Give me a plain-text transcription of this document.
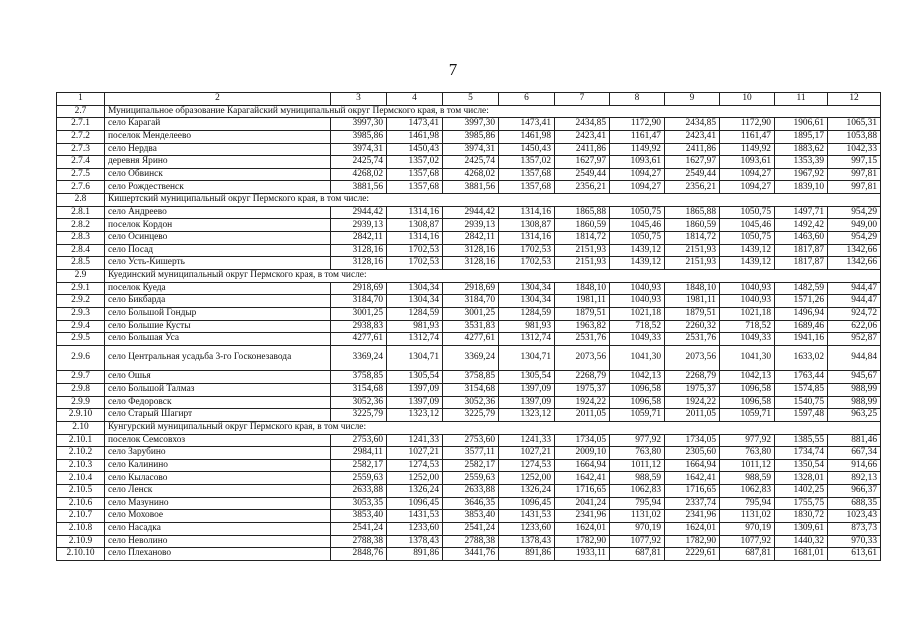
7
1	2	3	4	5	6	7	8	9	10	11	12
2.7	Муниципальное образование Карагайский муниципальный округ Пермского края, в том числе:										
2.7.1	село Карагай	3997,30	1473,41	3997,30	1473,41	2434,85	1172,90	2434,85	1172,90	1906,61	1065,31
2.7.2	поселок Менделеево	3985,86	1461,98	3985,86	1461,98	2423,41	1161,47	2423,41	1161,47	1895,17	1053,88
2.7.3	село Нердва	3974,31	1450,43	3974,31	1450,43	2411,86	1149,92	2411,86	1149,92	1883,62	1042,33
2.7.4	деревня Ярино	2425,74	1357,02	2425,74	1357,02	1627,97	1093,61	1627,97	1093,61	1353,39	997,15
2.7.5	село Обвинск	4268,02	1357,68	4268,02	1357,68	2549,44	1094,27	2549,44	1094,27	1967,92	997,81
2.7.6	село Рождественск	3881,56	1357,68	3881,56	1357,68	2356,21	1094,27	2356,21	1094,27	1839,10	997,81
2.8	Кишертский муниципальный округ Пермского края, в том числе:										
2.8.1	село Андреево	2944,42	1314,16	2944,42	1314,16	1865,88	1050,75	1865,88	1050,75	1497,71	954,29
2.8.2	поселок Кордон	2939,13	1308,87	2939,13	1308,87	1860,59	1045,46	1860,59	1045,46	1492,42	949,00
2.8.3	село Осинцево	2842,11	1314,16	2842,11	1314,16	1814,72	1050,75	1814,72	1050,75	1463,60	954,29
2.8.4	село Посад	3128,16	1702,53	3128,16	1702,53	2151,93	1439,12	2151,93	1439,12	1817,87	1342,66
2.8.5	село Усть-Кишерть	3128,16	1702,53	3128,16	1702,53	2151,93	1439,12	2151,93	1439,12	1817,87	1342,66
2.9	Куединский муниципальный округ Пермского края, в том числе:										
2.9.1	поселок Куеда	2918,69	1304,34	2918,69	1304,34	1848,10	1040,93	1848,10	1040,93	1482,59	944,47
2.9.2	село Бикбарда	3184,70	1304,34	3184,70	1304,34	1981,11	1040,93	1981,11	1040,93	1571,26	944,47
2.9.3	село Большой Гондыр	3001,25	1284,59	3001,25	1284,59	1879,51	1021,18	1879,51	1021,18	1496,94	924,72
2.9.4	село Большие Кусты	2938,83	981,93	3531,83	981,93	1963,82	718,52	2260,32	718,52	1689,46	622,06
2.9.5	село Большая Уса	4277,61	1312,74	4277,61	1312,74	2531,76	1049,33	2531,76	1049,33	1941,16	952,87
2.9.6	село Центральная усадьба 3-го Госконезавода	3369,24	1304,71	3369,24	1304,71	2073,56	1041,30	2073,56	1041,30	1633,02	944,84
2.9.7	село Ошья	3758,85	1305,54	3758,85	1305,54	2268,79	1042,13	2268,79	1042,13	1763,44	945,67
2.9.8	село Большой Талмаз	3154,68	1397,09	3154,68	1397,09	1975,37	1096,58	1975,37	1096,58	1574,85	988,99
2.9.9	село Федоровск	3052,36	1397,09	3052,36	1397,09	1924,22	1096,58	1924,22	1096,58	1540,75	988,99
2.9.10	село Старый Шагирт	3225,79	1323,12	3225,79	1323,12	2011,05	1059,71	2011,05	1059,71	1597,48	963,25
2.10	Кунгурский муниципальный округ Пермского края, в том числе:										
2.10.1	поселок Семсовхоз	2753,60	1241,33	2753,60	1241,33	1734,05	977,92	1734,05	977,92	1385,55	881,46
2.10.2	село Зарубино	2984,11	1027,21	3577,11	1027,21	2009,10	763,80	2305,60	763,80	1734,74	667,34
2.10.3	село Калинино	2582,17	1274,53	2582,17	1274,53	1664,94	1011,12	1664,94	1011,12	1350,54	914,66
2.10.4	село Кыласово	2559,63	1252,00	2559,63	1252,00	1642,41	988,59	1642,41	988,59	1328,01	892,13
2.10.5	село Ленск	2633,88	1326,24	2633,88	1326,24	1716,65	1062,83	1716,65	1062,83	1402,25	966,37
2.10.6	село Мазунино	3053,35	1096,45	3646,35	1096,45	2041,24	795,94	2337,74	795,94	1755,75	688,35
2.10.7	село Моховое	3853,40	1431,53	3853,40	1431,53	2341,96	1131,02	2341,96	1131,02	1830,72	1023,43
2.10.8	село Насадка	2541,24	1233,60	2541,24	1233,60	1624,01	970,19	1624,01	970,19	1309,61	873,73
2.10.9	село Неволино	2788,38	1378,43	2788,38	1378,43	1782,90	1077,92	1782,90	1077,92	1440,32	970,33
2.10.10	село Плеханово	2848,76	891,86	3441,76	891,86	1933,11	687,81	2229,61	687,81	1681,01	613,61
